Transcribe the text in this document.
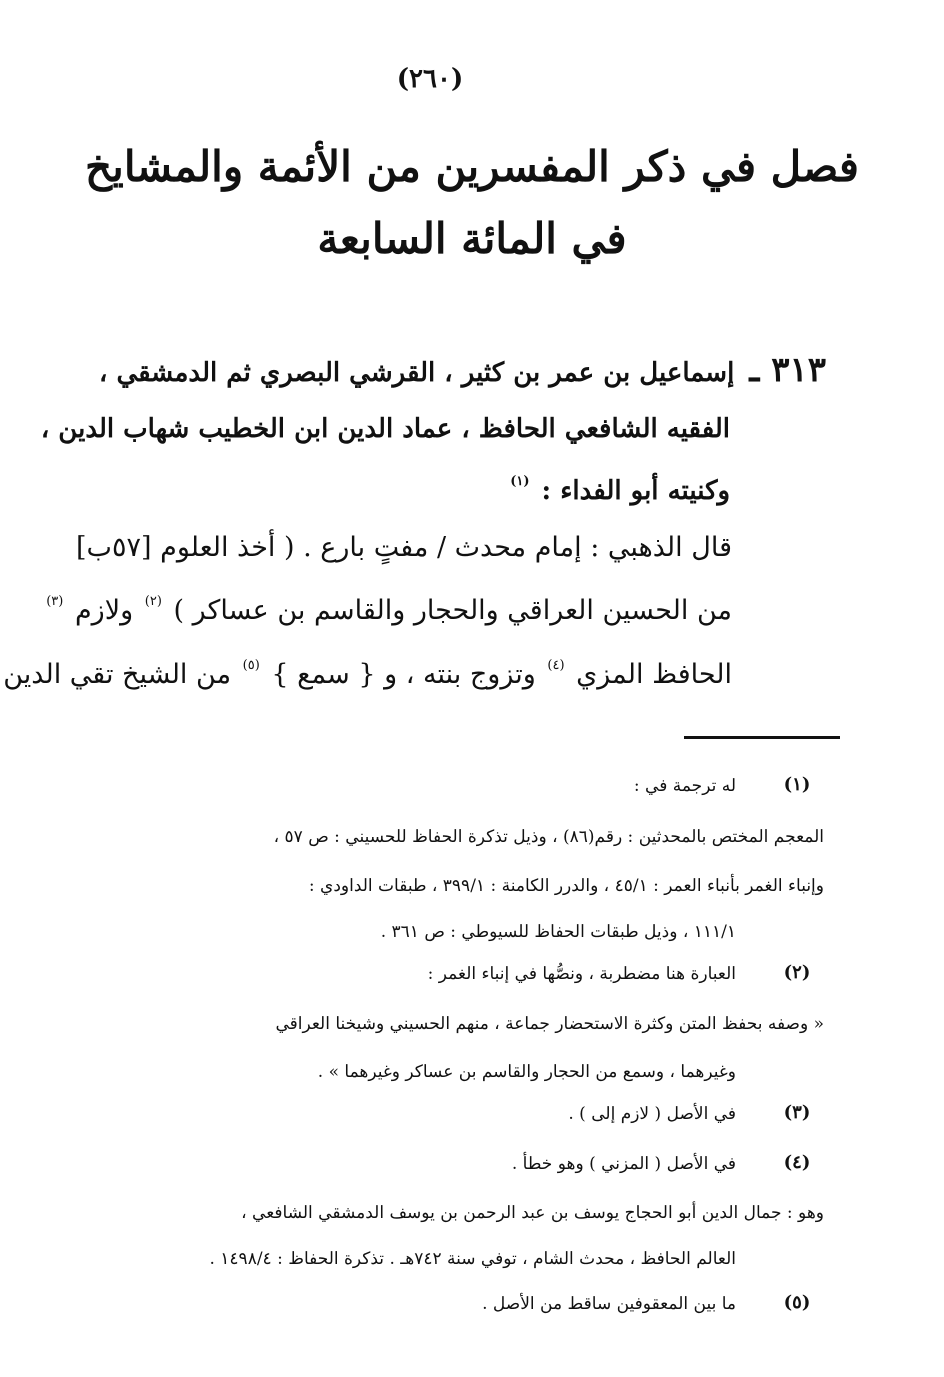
(٢٦٠)
فصل في ذكر المفسرين من الأئمة والمشايخ
في المائة السابعة
٣١٣ ـ إسماعيل بن عمر بن كثير ، القرشي البصري ثم الدمشقي ،
الفقيه الشافعي الحافظ ، عماد الدين ابن الخطيب شهاب الدين ،
وكنيته أبو الفداء : $^{(١)}$
قال الذهبي : إمام محدث / مفتٍ بارع . ( أخذ العلوم [٥٧ب]
من الحسين العراقي والحجار والقاسم بن عساكر ) $^{(٢)}$ ولازم $^{(٣)}$
الحافظ المزي $^{(٤)}$ وتزوج بنته ، و { سمع } $^{(٥)}$ من الشيخ تقي الدين
(١)
له ترجمة في :
المعجم المختص بالمحدثين : رقم(٨٦) ، وذيل تذكرة الحفاظ للحسيني : ص ٥٧ ،
وإنباء الغمر بأنباء العمر : ٤٥/١ ، والدرر الكامنة : ٣٩٩/١ ، طبقات الداودي :
١١١/١ ، وذيل طبقات الحفاظ للسيوطي : ص ٣٦١ .
(٢)
العبارة هنا مضطربة ، ونصُّها في إنباء الغمر :
« وصفه بحفظ المتن وكثرة الاستحضار جماعة ، منهم الحسيني وشيخنا العراقي
وغيرهما ، وسمع من الحجار والقاسم بن عساكر وغيرهما » .
(٣)
في الأصل ( لازم إلى ) .
(٤)
في الأصل ( المزني ) وهو خطأ .
وهو : جمال الدين أبو الحجاج يوسف بن عبد الرحمن بن يوسف الدمشقي الشافعي ،
العالم الحافظ ، محدث الشام ، توفي سنة ٧٤٢هـ . تذكرة الحفاظ : ١٤٩٨/٤ .
(٥)
ما بين المعقوفين ساقط من الأصل .
